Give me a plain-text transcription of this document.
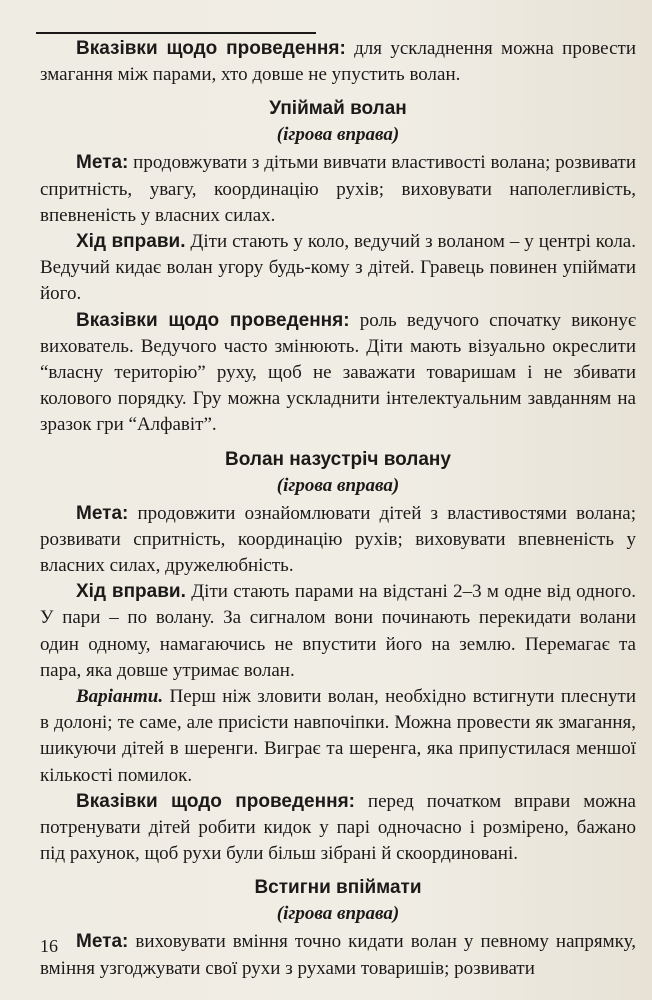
Вказівки щодо проведення: для ускладнення можна провести змагання між парами, хто довше не упустить волан.

Упіймай волан
(ігрова вправа)

Мета: продовжувати з дітьми вивчати властивості волана; розвивати спритність, увагу, координацію рухів; виховувати наполегливість, впевненість у власних силах.

Хід вправи. Діти стають у коло, ведучий з воланом – у центрі кола. Ведучий кидає волан угору будь-кому з дітей. Гравець повинен упіймати його.

Вказівки щодо проведення: роль ведучого спочатку виконує вихователь. Ведучого часто змінюють. Діти мають візуально окреслити “власну територію” руху, щоб не заважати товаришам і не збивати колового порядку. Гру можна ускладнити інтелектуальним завданням на зразок гри “Алфавіт”.

Волан назустріч волану
(ігрова вправа)

Мета: продовжити ознайомлювати дітей з властивостями волана; розвивати спритність, координацію рухів; виховувати впевненість у власних силах, дружелюбність.

Хід вправи. Діти стають парами на відстані 2–3 м одне від одного. У пари – по волану. За сигналом вони починають перекидати волани один одному, намагаючись не впустити його на землю. Перемагає та пара, яка довше утримає волан.

Варіанти. Перш ніж зловити волан, необхідно встигнути плеснути в долоні; те саме, але присісти навпочіпки. Можна провести як змагання, шикуючи дітей в шеренги. Виграє та шеренга, яка припустилася меншої кількості помилок.

Вказівки щодо проведення: перед початком вправи можна потренувати дітей робити кидок у парі одночасно і розмірено, бажано під рахунок, щоб рухи були більш зібрані й скоординовані.

Встигни впіймати
(ігрова вправа)

Мета: виховувати вміння точно кидати волан у певному напрямку, вміння узгоджувати свої рухи з рухами товаришів; розвивати

16
